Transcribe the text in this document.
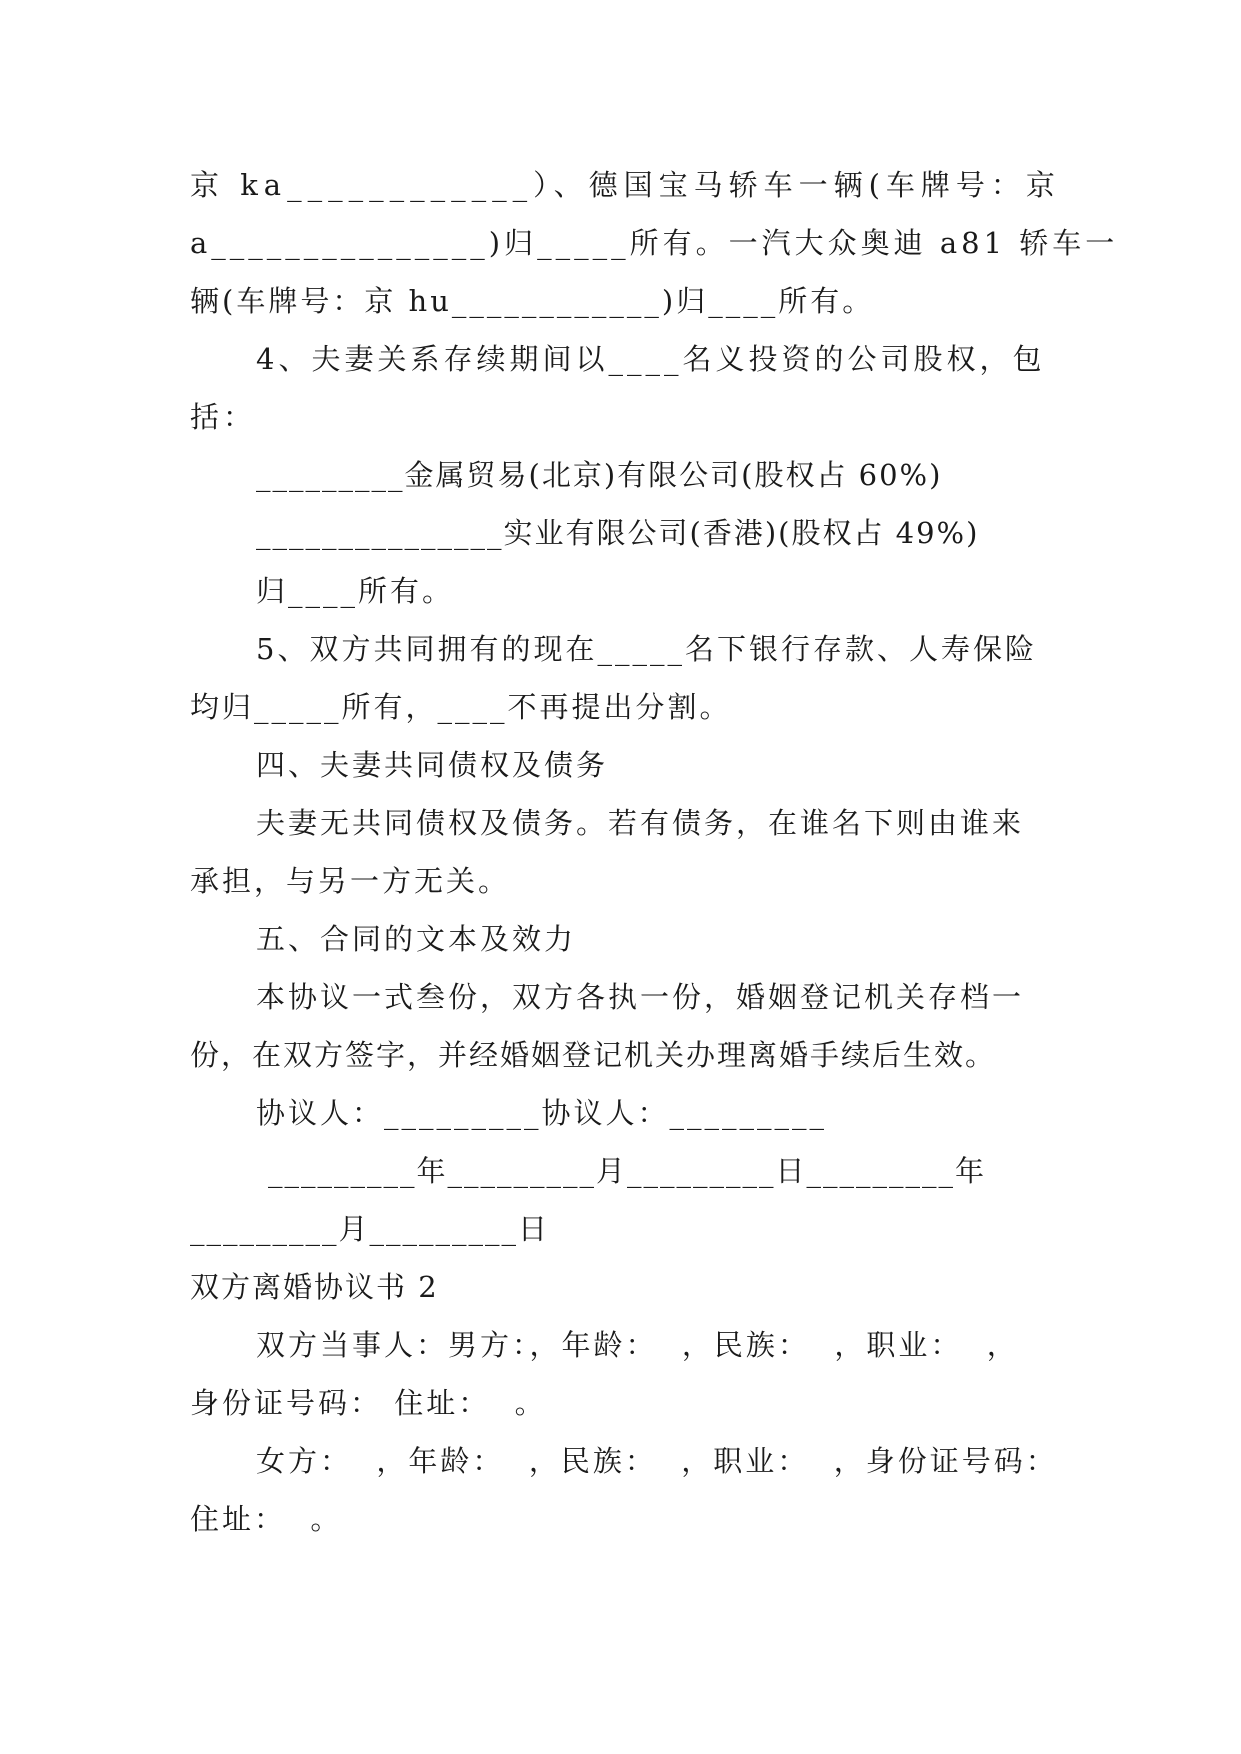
京 ka____________）、德国宝马轿车一辆(车牌号：京
a_______________)归_____所有。一汽大众奥迪 a81 轿车一
辆(车牌号：京 hu____________)归____所有。
4、夫妻关系存续期间以____名义投资的公司股权，包
括：
_________金属贸易(北京)有限公司(股权占 60%)
_______________实业有限公司(香港)(股权占 49%)
归____所有。
5、双方共同拥有的现在_____名下银行存款、人寿保险
均归_____所有，____不再提出分割。
四、夫妻共同债权及债务
夫妻无共同债权及债务。若有债务，在谁名下则由谁来
承担，与另一方无关。
五、合同的文本及效力
本协议一式叁份，双方各执一份，婚姻登记机关存档一
份，在双方签字，并经婚姻登记机关办理离婚手续后生效。
协议人：_________协议人：_________
_________年_________月_________日_________年
_________月_________日
双方离婚协议书 2
双方当事人：男方：，年龄：  ，民族：  ，职业：  ，
身份证号码： 住址：  。
女方：  ，年龄：  ，民族：  ，职业：  ，身份证号码：
住址：  。
